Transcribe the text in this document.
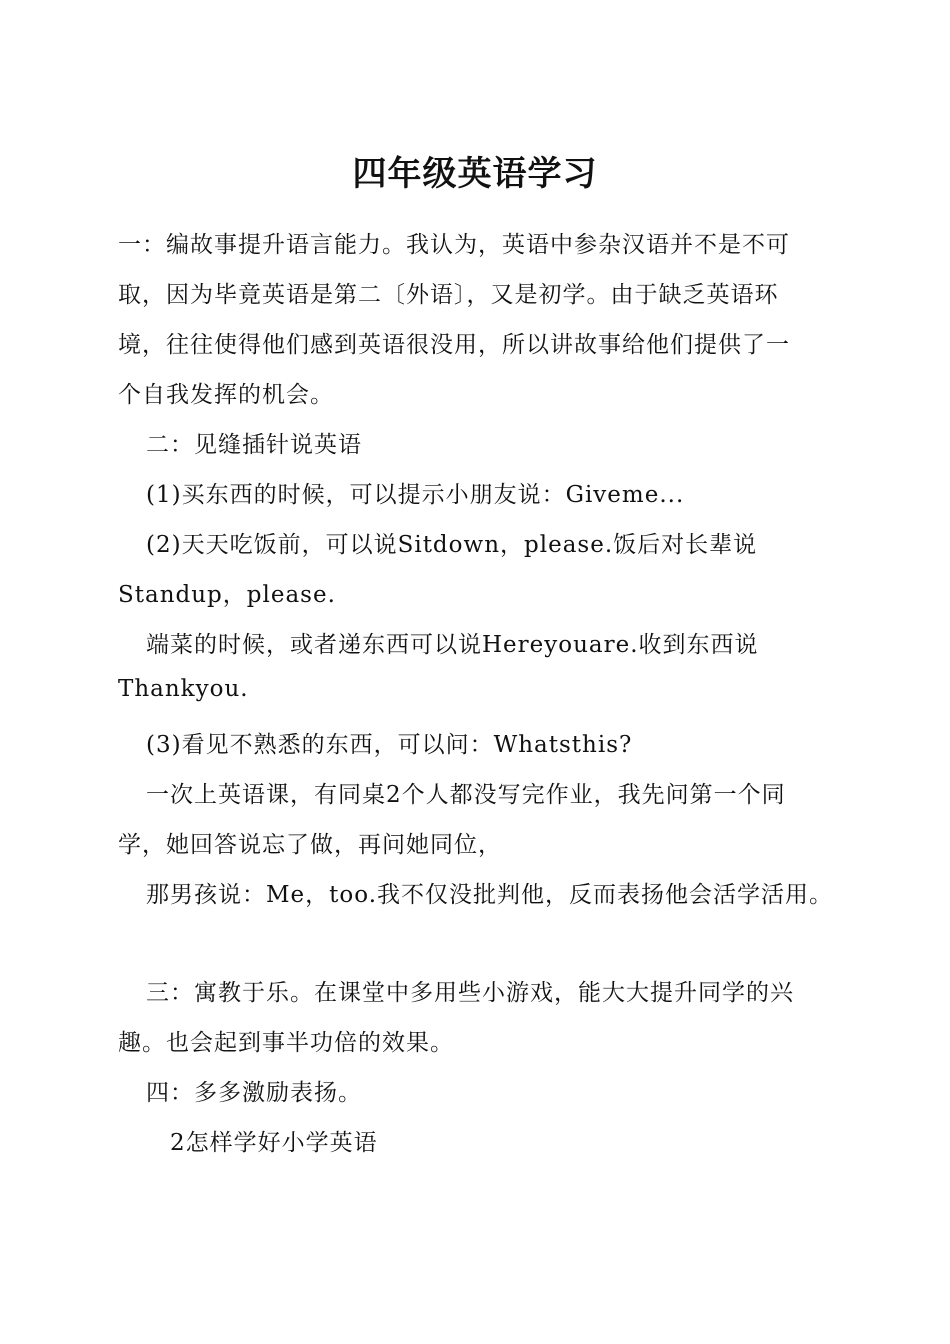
四年级英语学习
一：编故事提升语言能力。我认为，英语中参杂汉语并不是不可
取，因为毕竟英语是第二〔外语〕，又是初学。由于缺乏英语环
境，往往使得他们感到英语很没用，所以讲故事给他们提供了一
个自我发挥的机会。
二：见缝插针说英语
(1)买东西的时候，可以提示小朋友说：Giveme...
(2)天天吃饭前，可以说Sitdown，please.饭后对长辈说
Standup，please.
端菜的时候，或者递东西可以说Hereyouare.收到东西说
Thankyou.
(3)看见不熟悉的东西，可以问：Whatsthis?
一次上英语课，有同桌2个人都没写完作业，我先问第一个同
学，她回答说忘了做，再问她同位，
那男孩说：Me，too.我不仅没批判他，反而表扬他会活学活用。
三：寓教于乐。在课堂中多用些小游戏，能大大提升同学的兴
趣。也会起到事半功倍的效果。
四：多多激励表扬。
2怎样学好小学英语
